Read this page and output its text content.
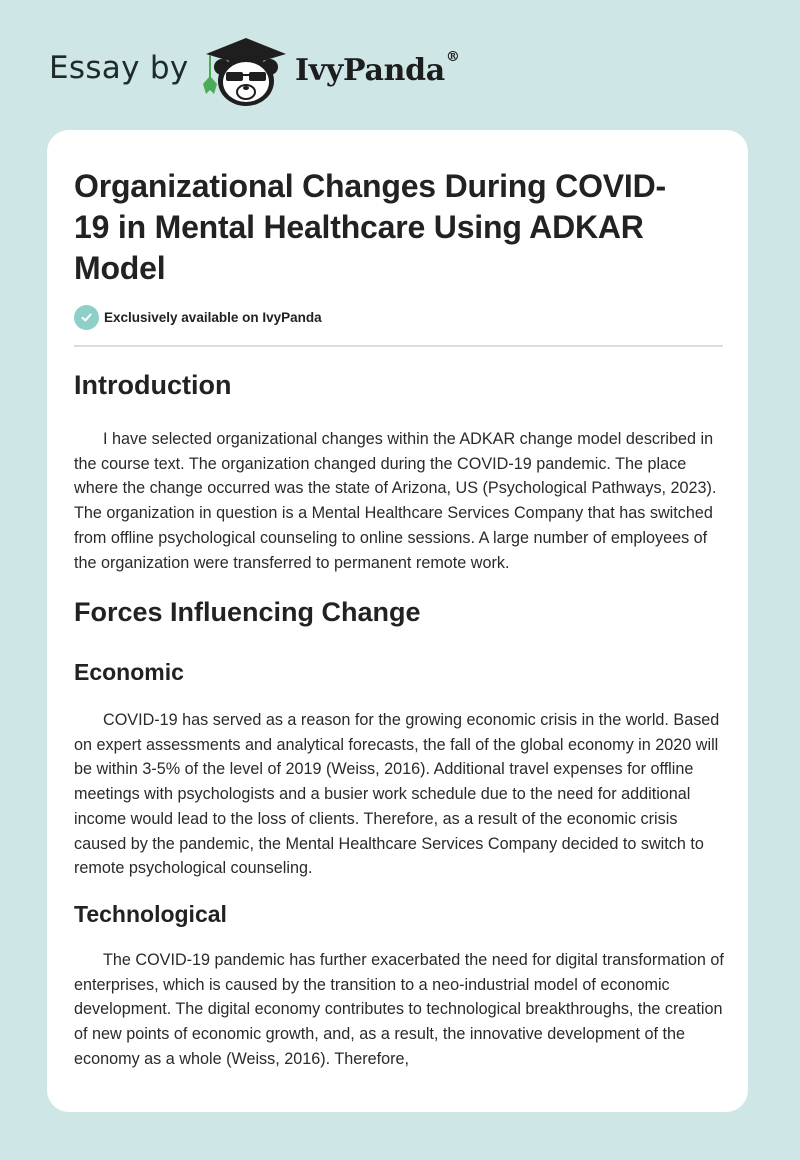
Essay by	IvyPanda®
Organizational Changes During COVID-
19 in Mental Healthcare Using ADKAR
Model
Exclusively available on IvyPanda
Introduction

I have selected organizational changes within the ADKAR change model described in the course text. The organization changed during the COVID-19 pandemic. The place where the change occurred was the state of Arizona, US (Psychological Pathways, 2023). The organization in question is a Mental Healthcare Services Company that has switched from offline psychological counseling to online sessions. A large number of employees of the organization were transferred to permanent remote work.

Forces Influencing Change
Economic

COVID-19 has served as a reason for the growing economic crisis in the world. Based on expert assessments and analytical forecasts, the fall of the global economy in 2020 will be within 3-5% of the level of 2019 (Weiss, 2016). Additional travel expenses for offline meetings with psychologists and a busier work schedule due to the need for additional income would lead to the loss of clients. Therefore, as a result of the economic crisis caused by the pandemic, the Mental Healthcare Services Company decided to switch to remote psychological counseling.

Technological

The COVID-19 pandemic has further exacerbated the need for digital transformation of enterprises, which is caused by the transition to a neo-industrial model of economic development. The digital economy contributes to technological breakthroughs, the creation of new points of economic growth, and, as a result, the innovative development of the economy as a whole (Weiss, 2016). Therefore,
